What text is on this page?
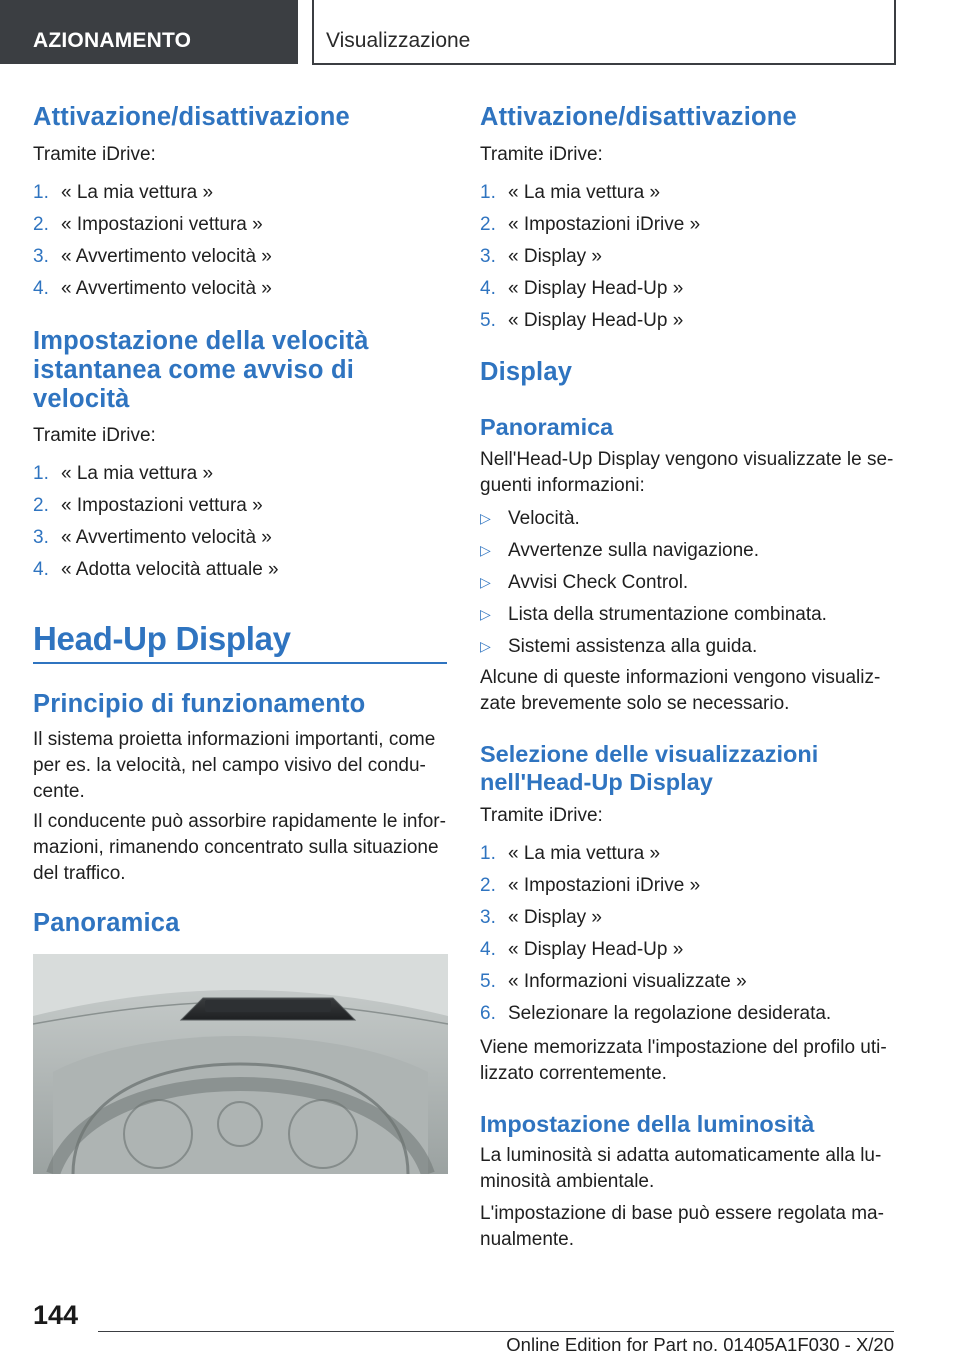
AZIONAMENTO	Visualizzazione
Attivazione/disattivazione
Tramite iDrive:
1. « La mia vettura »
2. « Impostazioni vettura »
3. « Avvertimento velocità »
4. « Avvertimento velocità »
Impostazione della velocità
istantanea come avviso di
velocità
Tramite iDrive:
1. « La mia vettura »
2. « Impostazioni vettura »
3. « Avvertimento velocità »
4. « Adotta velocità attuale »
Head-Up Display
Principio di funzionamento
Il sistema proietta informazioni importanti, come
per es. la velocità, nel campo visivo del condu-
cente.
Il conducente può assorbire rapidamente le infor-
mazioni, rimanendo concentrato sulla situazione
del traffico.
Panoramica
Attivazione/disattivazione
Tramite iDrive:
1. « La mia vettura »
2. « Impostazioni iDrive »
3. « Display »
4. « Display Head-Up »
5. « Display Head-Up »
Display
Panoramica
Nell'Head-Up Display vengono visualizzate le se-
guenti informazioni:
▷ Velocità.
▷ Avvertenze sulla navigazione.
▷ Avvisi Check Control.
▷ Lista della strumentazione combinata.
▷ Sistemi assistenza alla guida.
Alcune di queste informazioni vengono visualiz-
zate brevemente solo se necessario.
Selezione delle visualizzazioni
nell'Head-Up Display
Tramite iDrive:
1. « La mia vettura »
2. « Impostazioni iDrive »
3. « Display »
4. « Display Head-Up »
5. « Informazioni visualizzate »
6. Selezionare la regolazione desiderata.
Viene memorizzata l'impostazione del profilo uti-
lizzato correntemente.
Impostazione della luminosità
La luminosità si adatta automaticamente alla lu-
minosità ambientale.
L'impostazione di base può essere regolata ma-
nualmente.
144
Online Edition for Part no. 01405A1F030 - X/20
